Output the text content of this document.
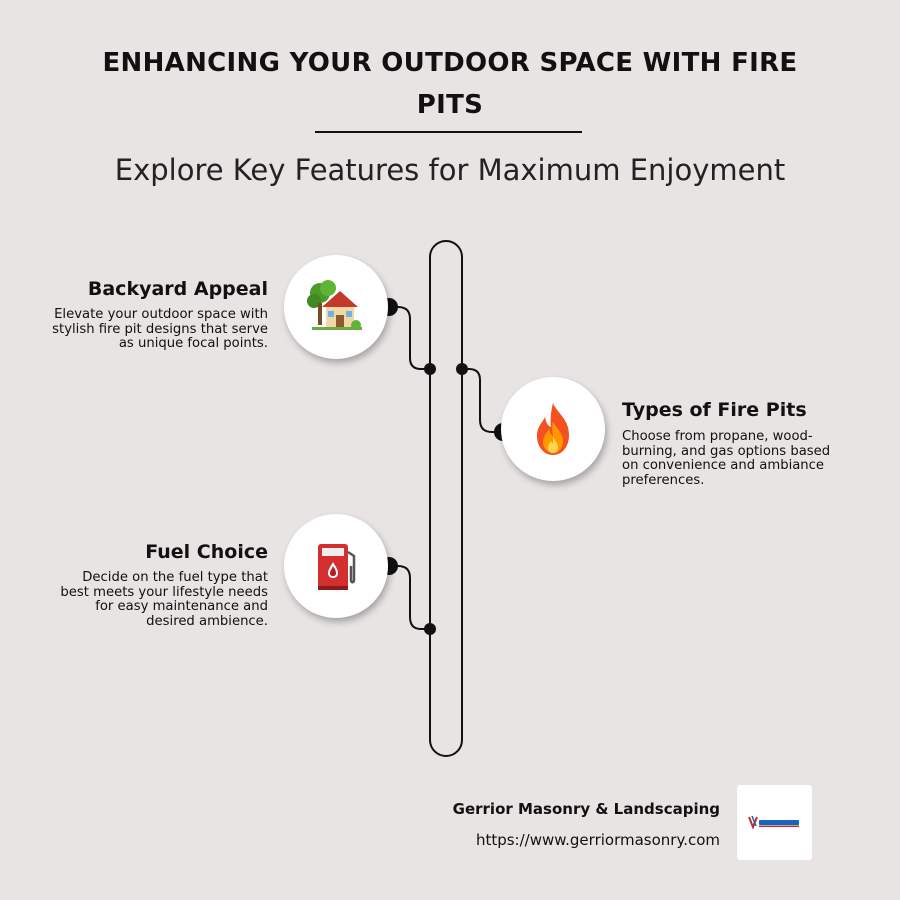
ENHANCING YOUR OUTDOOR SPACE WITH FIRE PITS
Explore Key Features for Maximum Enjoyment
Backyard Appeal
Elevate your outdoor space with stylish fire pit designs that serve as unique focal points.
Types of Fire Pits
Choose from propane, wood-burning, and gas options based on convenience and ambiance preferences.
Fuel Choice
Decide on the fuel type that best meets your lifestyle needs for easy maintenance and desired ambience.
Gerrior Masonry & Landscaping
https://www.gerriormasonry.com
